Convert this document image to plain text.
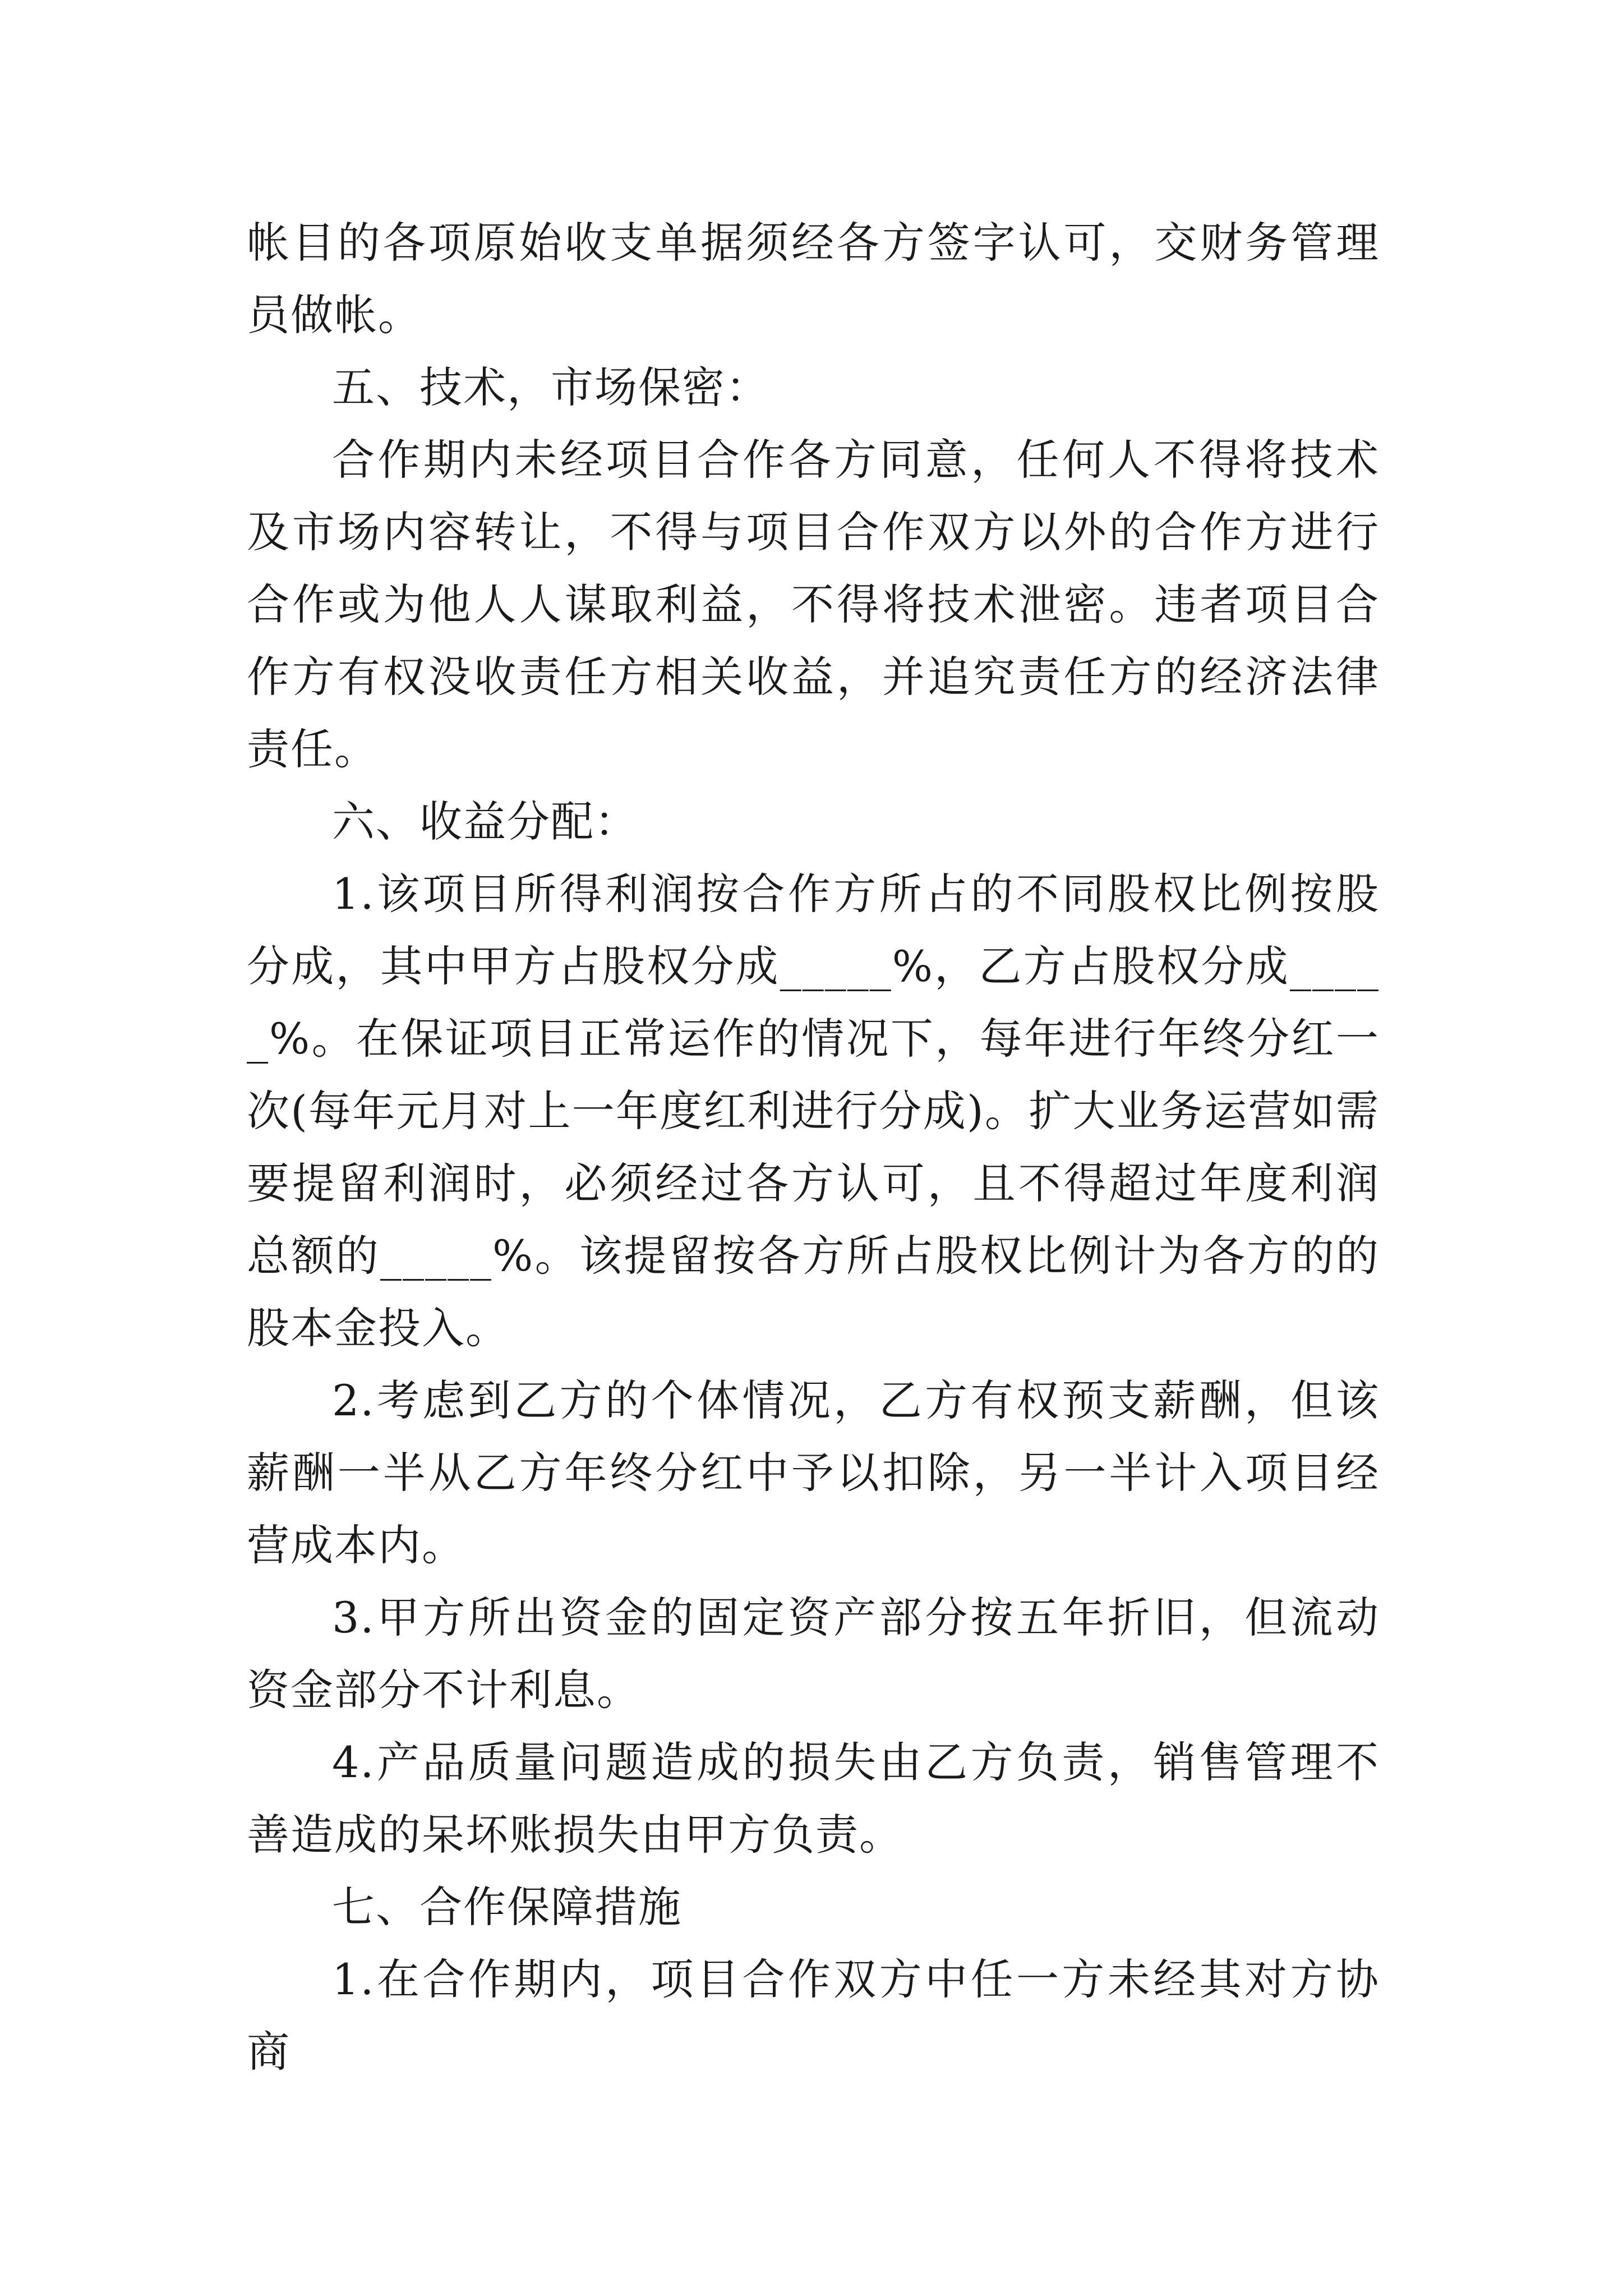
帐目的各项原始收支单据须经各方签字认可，交财务管理员做帐。

五、技术，市场保密：

合作期内未经项目合作各方同意，任何人不得将技术及市场内容转让，不得与项目合作双方以外的合作方进行合作或为他人人谋取利益，不得将技术泄密。违者项目合作方有权没收责任方相关收益，并追究责任方的经济法律责任。

六、收益分配：

1.该项目所得利润按合作方所占的不同股权比例按股分成，其中甲方占股权分成_____%，乙方占股权分成_____%。在保证项目正常运作的情况下，每年进行年终分红一次(每年元月对上一年度红利进行分成)。扩大业务运营如需要提留利润时，必须经过各方认可，且不得超过年度利润总额的_____%。该提留按各方所占股权比例计为各方的的股本金投入。

2.考虑到乙方的个体情况，乙方有权预支薪酬，但该薪酬一半从乙方年终分红中予以扣除，另一半计入项目经营成本内。

3.甲方所出资金的固定资产部分按五年折旧，但流动资金部分不计利息。

4.产品质量问题造成的损失由乙方负责，销售管理不善造成的呆坏账损失由甲方负责。

七、合作保障措施

1.在合作期内，项目合作双方中任一方未经其对方协商
